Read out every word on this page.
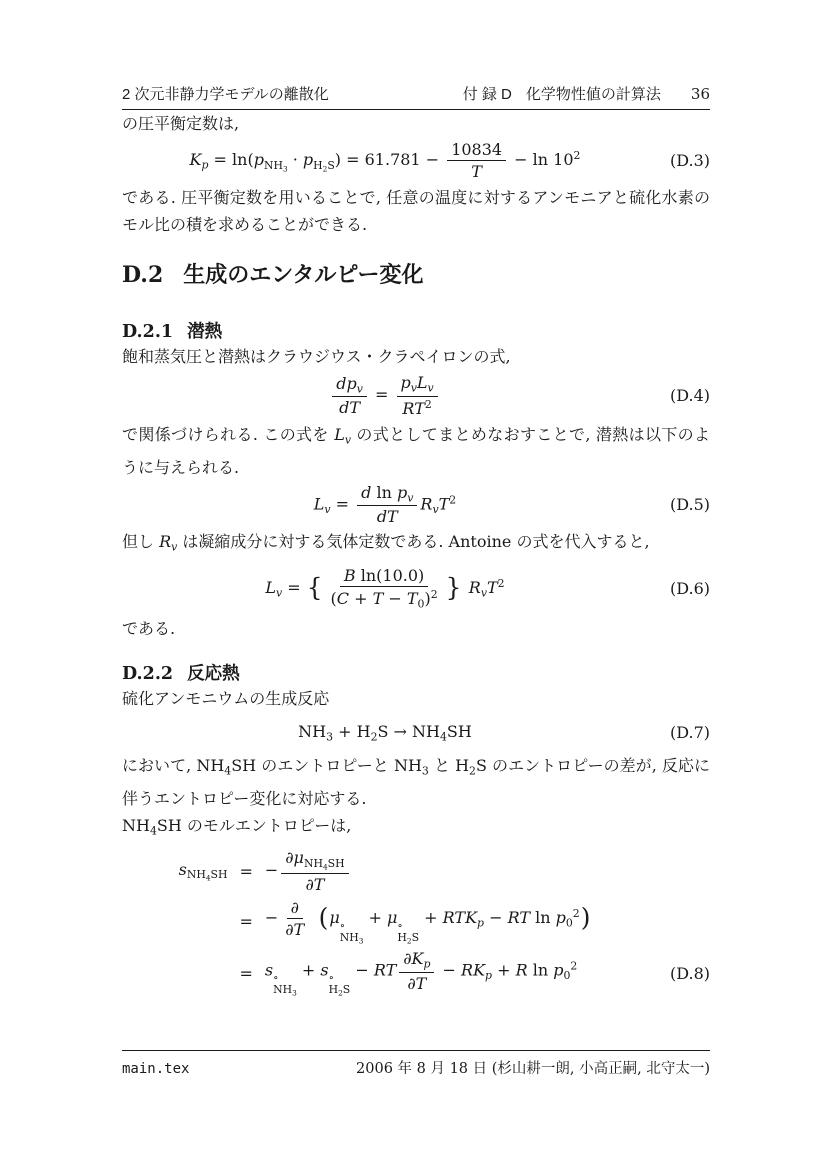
2 次元非静力学モデルの離散化	付 録 D 化学物性値の計算法 36

の圧平衡定数は,

$K_p = \ln(p_{NH_3} \cdot p_{H_2S}) = 61.781 - \frac{10834}{T} - \ln 10^2$	(D.3)

である. 圧平衡定数を用いることで, 任意の温度に対するアンモニアと硫化水素のモル比の積を求めることができる.

D.2 生成のエンタルピー変化
D.2.1 潜熱

飽和蒸気圧と潜熱はクラウジウス・クラペイロンの式,

$dp_v$
dT
=
$p_vL_v$
$RT^2$	(D.4)

で関係づけられる. この式を $L_v$ の式としてまとめなおすことで, 潜熱は以下のように与えられる.

$L_v = \frac{d \ln p_v}{dT} R_vT^2$	(D.5)

但し $R_v$ は凝縮成分に対する気体定数である. Antoine の式を代入すると,

$L_v$ = { $\frac{\text{B ln(10.0)}}{(C + T - T_0)^2}$ } $R_vT^2$	(D.6)

である.

D.2.2 反応熱

硫化アンモニウムの生成反応

$NH_3 + H_2S \to NH_4SH$	(D.7)

において, $NH_4SH$ のエントロピーと $NH_3$ と $H_2S$ のエントロピーの差が, 反応に伴うエントロピー変化に対応する.

$NH_4SH$ のモルエントロピーは,

$s_{NH_4SH}$ = −
$\partial\mu_{NH_4SH}$
∂T
= −
∂
∂T (μ ∘
$NH_3$
+ μ ∘
$H_2S$
+ $RTK_p$ − RT $\ln p_0^2$)
= s ∘
$NH_3$
+ s ∘
$H_2S$
− RT $\frac{\partial K_p}{\partial T} - RK_p + R$ $\ln p_0^2$	(D.8)
main.tex	2006 年 8 月 18 日 (杉山耕一朗, 小高正嗣, 北守太一)
